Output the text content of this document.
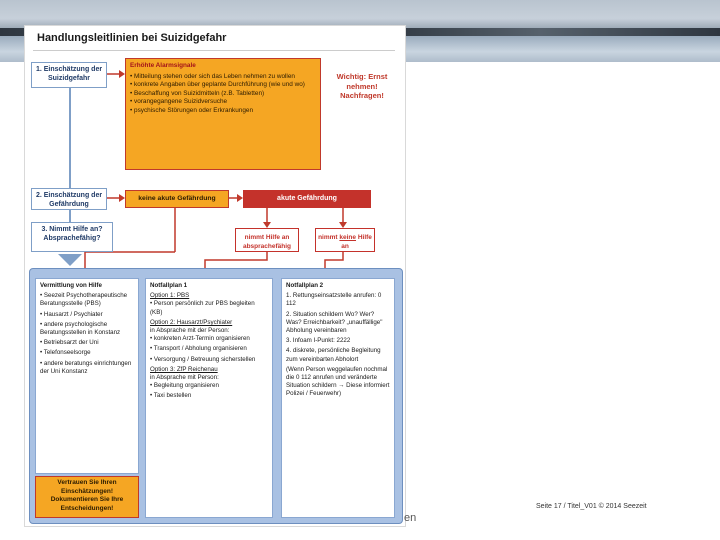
Handlungsleitlinien bei Suizidgefahr
1. Einschätzung der Suizidgefahr
2. Einschätzung der Gefährdung
3. Nimmt Hilfe an? Absprachefähig?
Erhöhte Alarmsignale
• Mitteilung stehen oder sich das Leben nehmen zu wollen
• konkrete Angaben über geplante Durchführung (wie und wo)
• Beschaffung von Suizidmitteln (z.B. Tabletten)
• vorangegangene Suizidversuche
• psychische Störungen oder Erkrankungen
Wichtig: Ernst nehmen! Nachfragen!
keine akute Gefährdung	akute Gefährdung
nimmt Hilfe an absprachefähig
nimmt keine Hilfe an
Vermittlung von Hilfe

• Seezeit Psychotherapeutische Beratungsstelle (PBS)

• Hausarzt / Psychiater

• andere psychologische Beratungsstellen in Konstanz

• Betriebsarzt der Uni

• Telefonseelsorge

• andere beratungs einrichtungen der Uni Konstanz

Vertrauen Sie Ihren Einschätzungen! Dokumentieren Sie Ihre Entscheidungen!
Notfallplan 1
Option 1: PBS

• Person persönlich zur PBS begleiten (KB)

Option 2: Hausarzt/Psychiater
in Absprache mit der Person:

• konkreten Arzt-Termin organisieren

• Transport / Abholung organisieren

• Versorgung / Betreuung sicherstellen

Option 3: ZfP Reichenau
in Absprache mit Person:

• Begleitung organisieren

• Taxi bestellen

Notfallplan 2

1. Rettungseinsatzstelle anrufen: 0 112

2. Situation schildern Wo? Wer? Was? Erreichbarkeit? „unauffällige" Abholung vereinbaren

3. Infoam I-Punkt: 2222

4. diskrete, persönliche Begleitung zum vereinbarten Abholort

(Wenn Person weggelaufen nochmal die 0 112 anrufen und veränderte Situation schildern → Diese informiert Polizei / Feuerwehr)

en
Seite 17 / Titel_V01 © 2014 Seezeit
